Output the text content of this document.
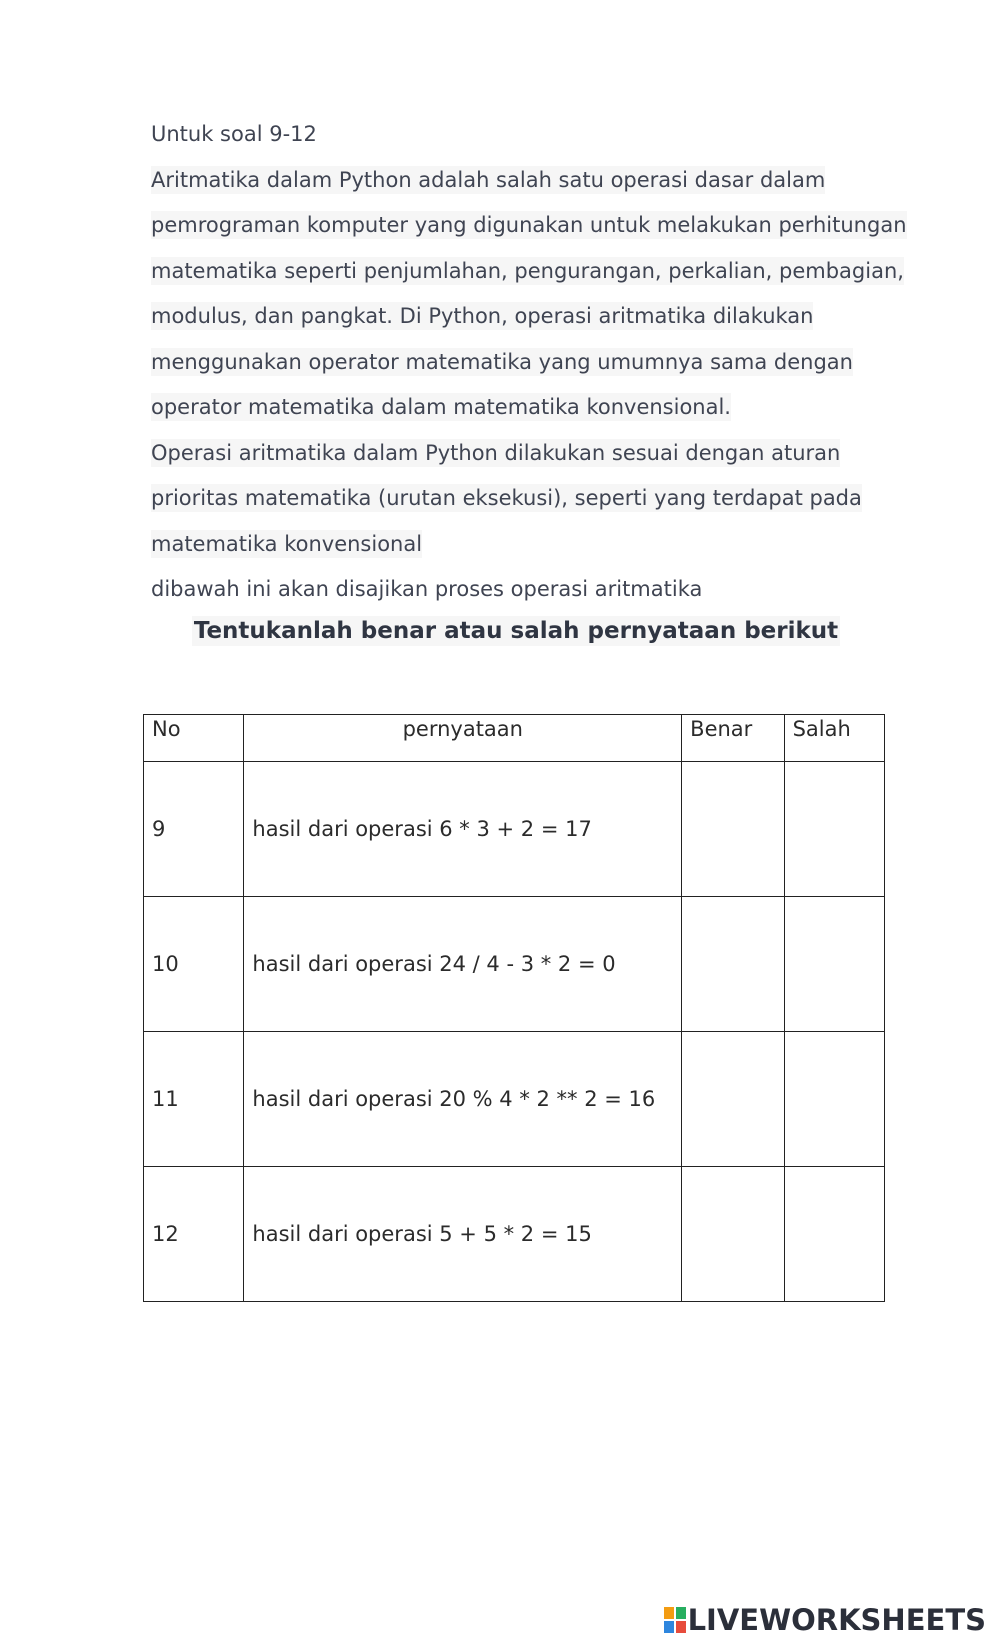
Untuk soal 9-12
Aritmatika dalam Python adalah salah satu operasi dasar dalam
pemrograman komputer yang digunakan untuk melakukan perhitungan
matematika seperti penjumlahan, pengurangan, perkalian, pembagian,
modulus, dan pangkat. Di Python, operasi aritmatika dilakukan
menggunakan operator matematika yang umumnya sama dengan
operator matematika dalam matematika konvensional.
Operasi aritmatika dalam Python dilakukan sesuai dengan aturan
prioritas matematika (urutan eksekusi), seperti yang terdapat pada
matematika konvensional
dibawah ini akan disajikan proses operasi aritmatika
Tentukanlah benar atau salah pernyataan berikut
No	pernyataan	Benar	Salah
9	hasil dari operasi 6 * 3 + 2 = 17		
10	hasil dari operasi 24 / 4 - 3 * 2 = 0		
11	hasil dari operasi 20 % 4 * 2 ** 2 = 16		
12	hasil dari operasi 5 + 5 * 2 = 15		
LIVEWORKSHEETS
